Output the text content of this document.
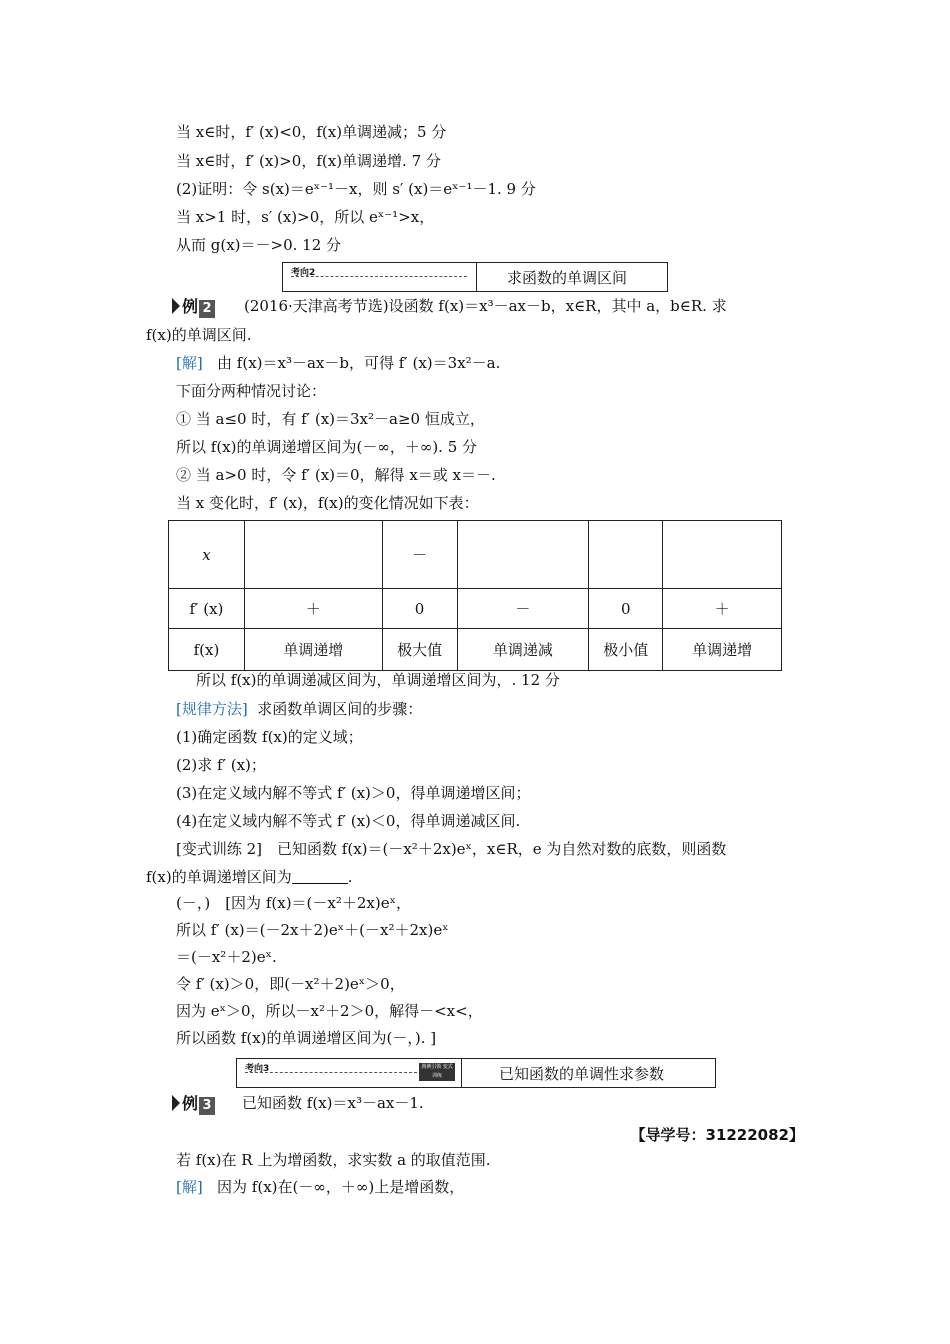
当 x∈时，f′ (x)<0，f(x)单调递减；5 分
当 x∈时，f′ (x)>0，f(x)单调递增. 7 分
(2)证明：令 s(x)＝eˣ⁻¹－x，则 s′ (x)＝eˣ⁻¹－1. 9 分
当 x>1 时，s′ (x)>0，所以 eˣ⁻¹>x，
从而 g(x)＝－>0. 12 分
考向2	求函数的单调区间
例 2 (2016·天津高考节选)设函数 f(x)＝x³－ax－b，x∈R，其中 a，b∈R. 求
f(x)的单调区间.
[解] 由 f(x)＝x³－ax－b，可得 f′ (x)＝3x²－a.
下面分两种情况讨论：
① 当 a≤0 时，有 f′ (x)＝3x²－a≥0 恒成立，
所以 f(x)的单调递增区间为(－∞，＋∞). 5 分
② 当 a>0 时，令 f′ (x)＝0，解得 x＝或 x＝－.
当 x 变化时，f′ (x)，f(x)的变化情况如下表：
x		－			
f′ (x)	＋	0	－	0	＋
f(x)	单调递增	极大值	单调递减	极小值	单调递增
所以 f(x)的单调递减区间为，单调递增区间为，. 12 分
[规律方法] 求函数单调区间的步骤：
(1)确定函数 f(x)的定义域；
(2)求 f′ (x)；
(3)在定义域内解不等式 f′ (x)＞0，得单调递增区间；
(4)在定义域内解不等式 f′ (x)＜0，得单调递减区间.
[变式训练 2]　已知函数 f(x)＝(－x²＋2x)eˣ，x∈R，e 为自然对数的底数，则函数
f(x)的单调递增区间为	.
(－，)　[因为 f(x)＝(－x²＋2x)eˣ，
所以 f′ (x)＝(－2x＋2)eˣ＋(－x²＋2x)eˣ
＝(－x²＋2)eˣ.
令 f′ (x)＞0，即(－x²＋2)eˣ＞0，
因为 eˣ＞0，所以－x²＋2＞0，解得－<x<，
所以函数 f(x)的单调递增区间为(－，). ]
考向3	典例引领 变式训练	已知函数的单调性求参数
例 3 已知函数 f(x)＝x³－ax－1.
【导学号：31222082】
若 f(x)在 R 上为增函数，求实数 a 的取值范围.
[解] 因为 f(x)在(－∞，＋∞)上是增函数，
